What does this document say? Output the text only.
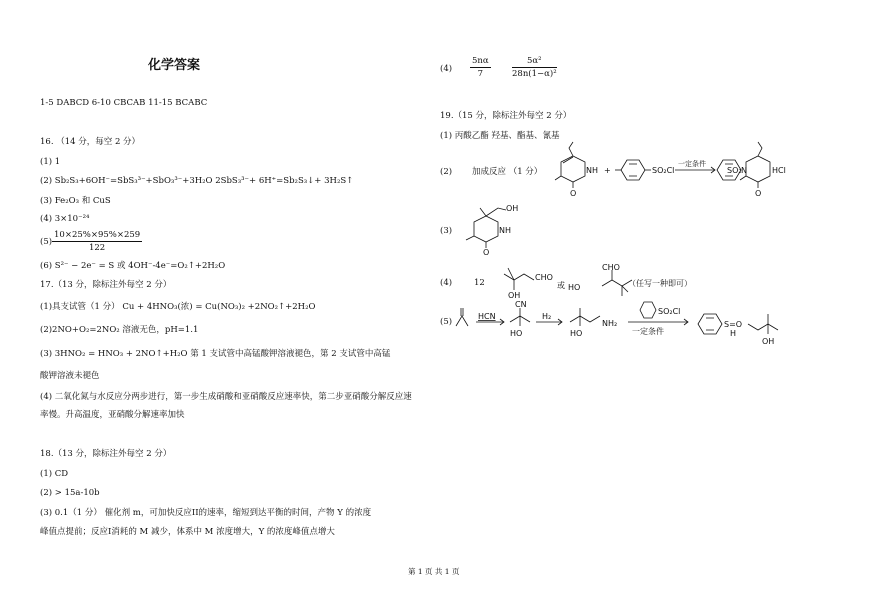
化学答案
1-5 DABCD 6-10 CBCAB 11-15 BCABC
16. （14 分，每空 2 分）
(1) 1
(2) Sb₂S₃+6OH⁻=SbS₃³⁻+SbO₃³⁻+3H₂O 2SbS₃³⁻+ 6H⁺=Sb₂S₃↓+ 3H₂S↑
(3) Fe₂O₃ 和 CuS
(4) 3×10⁻²⁴
$(5) \frac{10\times 25\%\times 95\%\times 259}{122}$
(6) S²⁻ − 2e⁻ = S 或 4OH⁻-4e⁻=O₂↑+2H₂O
17.（13 分，除标注外每空 2 分）
(1)具支试管（1 分） Cu + 4HNO₃(浓) = Cu(NO₃)₂ +2NO₂↑+2H₂O
(2)2NO+O₂=2NO₂ 溶液无色，pH=1.1
(3) 3HNO₂ = HNO₃ + 2NO↑+H₂O 第 1 支试管中高锰酸钾溶液褪色，第 2 支试管中高锰
酸钾溶液未褪色
(4) 二氧化氮与水反应分两步进行，第一步生成硝酸和亚硝酸反应速率快，第二步亚硝酸分解反应速
率慢。升高温度，亚硝酸分解速率加快
18.（13 分，除标注外每空 2 分）
(1) CD
(2) > 15a-10b
(3) 0.1（1 分） 催化剂 m，可加快反应II的速率，缩短到达平衡的时间，产物 Y 的浓度
峰值点提前；反应I消耗的 M 减少，体系中 M 浓度增大，Y 的浓度峰值点增大
$(4) \frac{5n\alpha}{7}$	$\frac{\text{5α²}}{\text{28n(1−α)²}}$
19.（15 分，除标注外每空 2 分）
(1) 丙酸乙酯 羟基、酯基、氰基
(2) 加成反应 （1 分）	NH
O
+	SO₂Cl
一定条件
SO₂ N
O
HCl
(3)
OH
NH
O
(4)	12
CHO
OH
或 HO
CHO
（任写一种即可）
(5)
HCN
CN
HO
H₂
HO
NH₂
SO₂Cl
一定条件
S=O
H
OH
第 1 页 共 1 页
